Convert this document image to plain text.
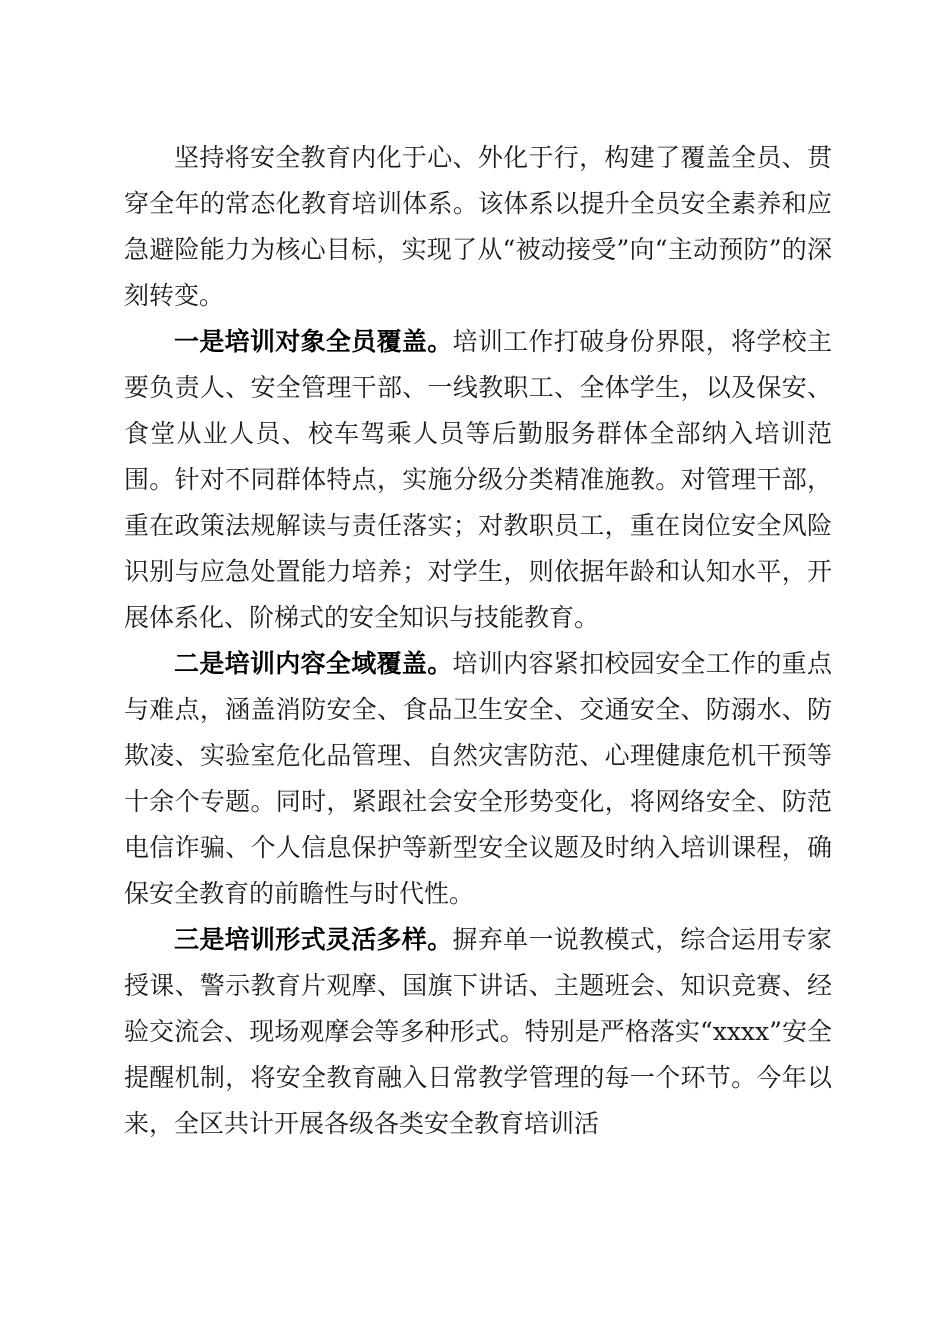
坚持将安全教育内化于心、外化于行，构建了覆盖全员、贯穿全年的常态化教育培训体系。该体系以提升全员安全素养和应急避险能力为核心目标，实现了从“被动接受”向“主动预防”的深刻转变。

一是培训对象全员覆盖。培训工作打破身份界限，将学校主要负责人、安全管理干部、一线教职工、全体学生，以及保安、食堂从业人员、校车驾乘人员等后勤服务群体全部纳入培训范围。针对不同群体特点，实施分级分类精准施教。对管理干部，重在政策法规解读与责任落实；对教职员工，重在岗位安全风险识别与应急处置能力培养；对学生，则依据年龄和认知水平，开展体系化、阶梯式的安全知识与技能教育。

二是培训内容全域覆盖。培训内容紧扣校园安全工作的重点与难点，涵盖消防安全、食品卫生安全、交通安全、防溺水、防欺凌、实验室危化品管理、自然灾害防范、心理健康危机干预等十余个专题。同时，紧跟社会安全形势变化，将网络安全、防范电信诈骗、个人信息保护等新型安全议题及时纳入培训课程，确保安全教育的前瞻性与时代性。

三是培训形式灵活多样。摒弃单一说教模式，综合运用专家授课、警示教育片观摩、国旗下讲话、主题班会、知识竞赛、经验交流会、现场观摩会等多种形式。特别是严格落实“xxxx”安全提醒机制，将安全教育融入日常教学管理的每一个环节。今年以来，全区共计开展各级各类安全教育培训活
